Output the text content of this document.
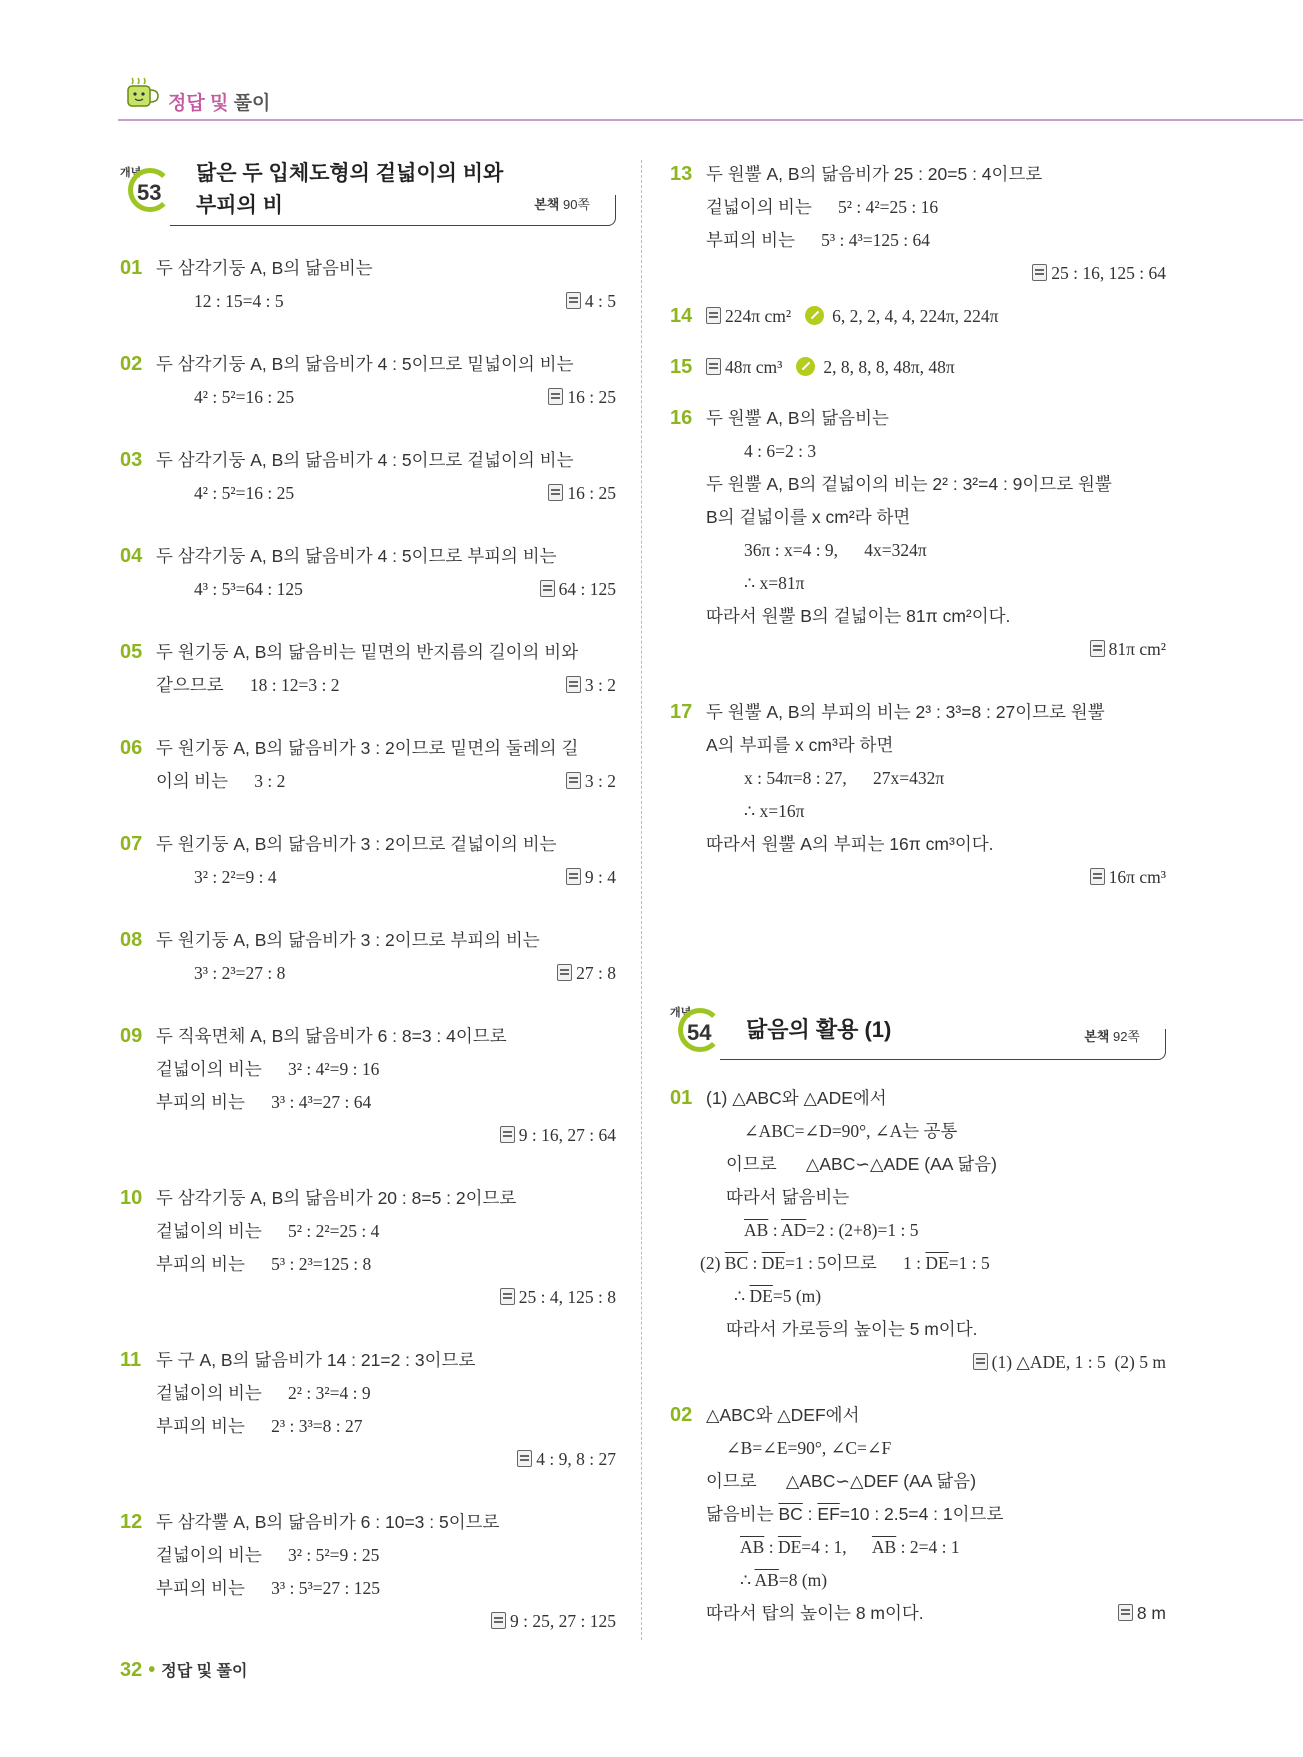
정답 및 풀이
개념
53
닮은 두 입체도형의 겉넓이의 비와
부피의 비	본책 90쪽
01 두 삼각기둥 A, B의 닮음비는
12 : 15=4 : 5	4 : 5
02 두 삼각기둥 A, B의 닮음비가 4 : 5이므로 밑넓이의 비는
4² : 5²=16 : 25	16 : 25
03 두 삼각기둥 A, B의 닮음비가 4 : 5이므로 겉넓이의 비는
4² : 5²=16 : 25	16 : 25
04 두 삼각기둥 A, B의 닮음비가 4 : 5이므로 부피의 비는
4³ : 5³=64 : 125	64 : 125
05 두 원기둥 A, B의 닮음비는 밑면의 반지름의 길이의 비와
같으므로      18 : 12=3 : 2	3 : 2
06 두 원기둥 A, B의 닮음비가 3 : 2이므로 밑면의 둘레의 길
이의 비는      3 : 2	3 : 2
07 두 원기둥 A, B의 닮음비가 3 : 2이므로 겉넓이의 비는
3² : 2²=9 : 4	9 : 4
08 두 원기둥 A, B의 닮음비가 3 : 2이므로 부피의 비는
3³ : 2³=27 : 8	27 : 8
09 두 직육면체 A, B의 닮음비가 6 : 8=3 : 4이므로
겉넓이의 비는      3² : 4²=9 : 16
부피의 비는      3³ : 4³=27 : 64
9 : 16, 27 : 64
10 두 삼각기둥 A, B의 닮음비가 20 : 8=5 : 2이므로
겉넓이의 비는      5² : 2²=25 : 4
부피의 비는      5³ : 2³=125 : 8
25 : 4, 125 : 8
11 두 구 A, B의 닮음비가 14 : 21=2 : 3이므로
겉넓이의 비는      2² : 3²=4 : 9
부피의 비는      2³ : 3³=8 : 27
4 : 9, 8 : 27
12 두 삼각뿔 A, B의 닮음비가 6 : 10=3 : 5이므로
겉넓이의 비는      3² : 5²=9 : 25
부피의 비는      3³ : 5³=27 : 125
9 : 25, 27 : 125
13 두 원뿔 A, B의 닮음비가 25 : 20=5 : 4이므로
겉넓이의 비는      5² : 4²=25 : 16
부피의 비는      5³ : 4³=125 : 64
25 : 16, 125 : 64
14	224π cm² 6, 2, 2, 4, 4, 224π, 224π
15	48π cm³ 2, 8, 8, 8, 48π, 48π
16 두 원뿔 A, B의 닮음비는
4 : 6=2 : 3
두 원뿔 A, B의 겉넓이의 비는 2² : 3²=4 : 9이므로 원뿔
B의 겉넓이를 x cm²라 하면
36π : x=4 : 9,      4x=324π
∴ x=81π
따라서 원뿔 B의 겉넓이는 81π cm²이다.
81π cm²
17 두 원뿔 A, B의 부피의 비는 2³ : 3³=8 : 27이므로 원뿔
A의 부피를 x cm³라 하면
x : 54π=8 : 27,      27x=432π
∴ x=16π
따라서 원뿔 A의 부피는 16π cm³이다.
16π cm³
개념
54 닮음의 활용 (1)	본책 92쪽
01 (1) △ABC와 △ADE에서
∠ABC=∠D=90°, ∠A는 공통
이므로      △ABC∽△ADE (AA 닮음)
따라서 닮음비는
$\overline{AB}$ : $\overline{AD}=2$ : (2+8)=1 : 5
(2) $\overline{BC}$ : $\overline{DE}=1$ : 5이므로      1 : $\overline{DE}=1$ : 5
∴ $\overline{DE}=5$ (m)
따라서 가로등의 높이는 5 m이다.
(1) △ADE, 1 : 5  (2) 5 m
02 △ABC와 △DEF에서
∠B=∠E=90°, ∠C=∠F
이므로      △ABC∽△DEF (AA 닮음)
닮음비는 $\overline{BC}$ : $\overline{EF}=10$ : 2.5=4 : 1이므로
$\overline{AB}$ : $\overline{DE}=4$ : 1,      $\overline{AB}$ : 2=4 : 1
∴ $\overline{AB}=8$ (m)
따라서 탑의 높이는 8 m이다.	8 m
32 • 정답 및 풀이
